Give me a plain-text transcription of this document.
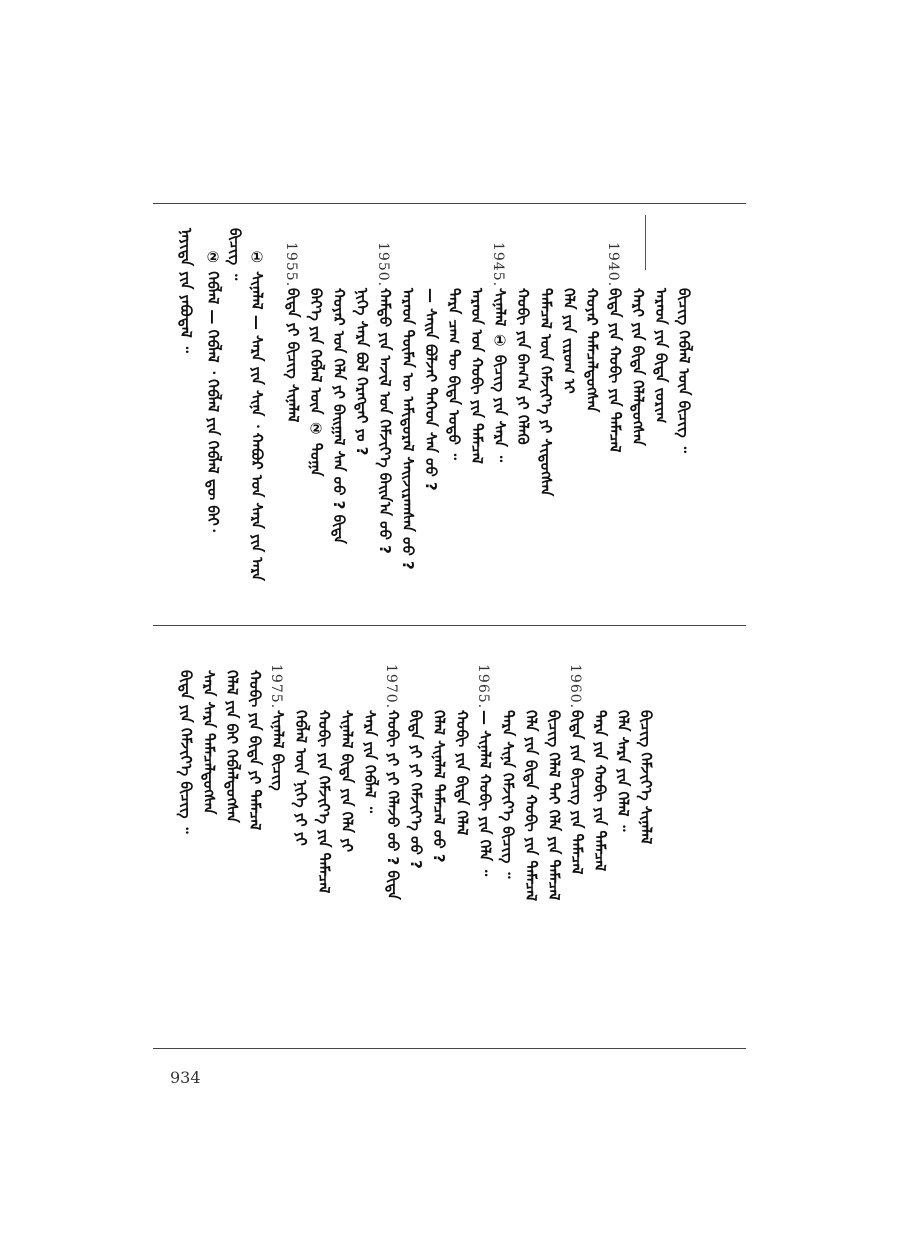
ᠨᠡᠶᠢᠲᠡ ᠶᠢᠨ ᠶᠠᠪᠤᠳᠠᠯ ᠃ ② ᠬᠡᠪᠯᠡᠯ — ᠬᠡᠪᠯᠡᠯ ᠂ ᠬᠡᠪᠯᠡᠯ ᠶᠢᠨ ᠬᠡᠪᠯᠡᠯ ᠳᠦ ᠪᠠᠢ᠂ ᠪᠢᠴᠢᠭ ᠃ ① ᠰᠢᠨᠡᠯᠡᠯ — ᠰᠠᠷᠠ ᠶᠢᠨ ᠰᠢᠨᠡ ᠂ ᠬᠠᠪᠤᠷ ᠤᠨ ᠰᠠᠷᠠ ᠶᠢᠨ ᠠᠷᠠ 1955.
ᠪᠢᠳᠡ ᠶᠢ ᠪᠢᠴᠢᠭ ᠰᠢᠨᠡᠯᠡᠯ ᠪᠡᠶ᠎ᠡ ᠶᠢᠨ ᠬᠡᠪᠯᠡᠯ ᠦᠨ ② ᠲᠣᠭᠠ ᠬᠣᠶᠠᠷ ᠤᠨ ᠬᠡᠯᠡ ᠶᠢ ᠪᠠᠢᠭᠠᠯ ᠰᠠᠨ ᠤᠤ ? ᠪᠢᠳᠡ ᠨᠢᠭᠡ ᠰᠠᠷᠠ ᠪᠣᠯ ᠬᠡᠷᠡᠭᠲᠡᠢ ᠶᠤ ?
1950.
ᠬᠠᠮᠲᠤ ᠶᠢᠨ ᠠᠵᠢᠯ ᠤᠨ ᠬᠡᠮᠵᠢᠶ᠎ᠡ ᠪᠠᠢᠨ᠎ᠠ ᠤᠤ ? ᠠᠷᠠᠳ ᠲᠦᠮᠡᠨ ᠦ ᠠᠮᠢᠳᠤᠷᠠᠯ ᠰᠠᠢᠵᠢᠷᠠᠭᠰᠠᠨ ᠤᠤ ? — ᠰᠠᠢᠨ ᠪᠣᠯᠵᠠᠢ ᠲᠡᠭᠡᠳ ᠰᠠᠨ ᠤᠤ ? ᠲᠡᠷᠡ ᠴᠠᠭ ᠲᠦ ᠪᠢᠳᠡ ᠣᠳᠣ ᠃ ᠠᠷᠠᠳ ᠤᠨ ᠬᠣᠪᠢ ᠶᠢᠨ ᠲᠡᠮᠡᠴᠡᠯ
1945.
ᠰᠢᠨᠡᠯᠡᠯ ① ᠪᠢᠴᠢᠭ ᠶᠢᠨ ᠰᠠᠷᠠ ᠃ ᠬᠣᠪᠢ ᠶᠢᠨ ᠪᠠᠭ᠎ᠠ ᠶᠢ ᠬᠡᠯᠡᠬᠦ ᠲᠡᠮᠡᠴᠡᠯ ᠦᠨ ᠬᠡᠮᠵᠢᠶ᠎ᠡ ᠶᠢ ᠰᠢᠳᠦᠭᠰᠡᠨ ᠬᠡᠯᠡ ᠶᠢᠨ ᠵᠢᠷᠤᠭ ᠢ ᠬᠣᠶᠠᠷ ᠲᠡᠮᠡᠴᠡᠯᠳᠦᠭᠰᠡᠨ
1940.
ᠪᠢᠳᠡ ᠶᠢᠨ ᠬᠣᠪᠢ ᠶᠢᠨ ᠲᠡᠮᠡᠴᠡᠯ ᠬᠠᠷᠢ ᠶᠢᠨ ᠪᠢᠳᠡ ᠬᠡᠯᠡᠯᠳᠦᠭᠰᠡᠨ ᠠᠷᠠᠳ ᠶᠢᠨ ᠪᠢᠳᠡ ᠵᠣᠷᠢᠭ ᠪᠢᠴᠢᠭ ᠬᠡᠪᠯᠡᠯ ᠦᠨ ᠪᠢᠴᠢᠭ ᠃
ᠪᠢᠳᠡ ᠶᠢᠨ ᠬᠡᠮᠵᠢᠶ᠎ᠡ ᠪᠢᠴᠢᠭ ᠃ ᠰᠠᠷᠠ ᠰᠠᠷᠠ ᠲᠡᠮᠡᠴᠡᠯᠳᠦᠭᠰᠡᠨ ᠬᠡᠯᠡᠯ ᠶᠢᠨ ᠪᠠᠢ ᠬᠡᠪᠯᠡᠯᠳᠦᠭᠰᠡᠨ ᠬᠣᠪᠢ ᠶᠢᠨ ᠪᠢᠳᠡ ᠶᠢ ᠲᠡᠮᠡᠴᠡᠯ 1975.
ᠰᠢᠨᠡᠯᠡᠯ ᠪᠢᠴᠢᠭ ᠬᠡᠪᠯᠡᠯ ᠦᠨ ᠨᠢᠭᠡ ᠶᠢ ᠶᠢ ᠬᠣᠪᠢ ᠶᠢᠨ ᠬᠡᠮᠵᠢᠶ᠎ᠡ ᠶᠢᠨ ᠲᠡᠮᠡᠴᠡᠯ ᠰᠢᠨᠡᠯᠡᠯ ᠪᠢᠳᠡ ᠶᠢᠨ ᠬᠡᠯᠡ ᠶᠢ ᠰᠠᠷᠠ ᠶᠢᠨ ᠬᠡᠪᠯᠡᠯ ᠃
1970.
ᠬᠣᠪᠢ ᠶᠢ ᠶᠢ ᠬᠡᠯᠡᠵᠦ ᠤᠤ ? ᠪᠢᠳᠡ ᠪᠢᠳᠡ ᠶᠢ ᠶᠢ ᠬᠡᠮᠵᠢᠶ᠎ᠡ ᠤᠤ ? ᠬᠡᠯᠡᠯ ᠰᠢᠨᠡᠯᠡᠯ ᠲᠡᠮᠡᠴᠡᠯ ᠤᠤ ? ᠬᠣᠪᠢ ᠶᠢᠨ ᠪᠢᠳᠡ ᠬᠡᠯᠡᠯ
1965.
— ᠰᠢᠨᠡᠯᠡᠯ ᠬᠣᠪᠢ ᠶᠢᠨ ᠬᠡᠯᠡ ᠃ ᠲᠡᠷᠡ ᠰᠢᠨᠡ ᠬᠡᠮᠵᠢᠶ᠎ᠡ ᠪᠢᠴᠢᠭ ᠃ ᠬᠡᠯᠡ ᠶᠢᠨ ᠪᠢᠳᠡ ᠬᠣᠪᠢ ᠶᠢᠨ ᠲᠡᠮᠡᠴᠡᠯ ᠪᠢᠴᠢᠭ ᠬᠡᠯᠡᠯ ᠲᠠᠢ ᠬᠡᠯᠡ ᠶᠢᠨ ᠲᠡᠮᠡᠴᠡᠯ
1960.
ᠪᠢᠳᠡ ᠶᠢᠨ ᠪᠢᠴᠢᠭ ᠶᠢᠨ ᠲᠡᠮᠡᠴᠡᠯ ᠲᠡᠷᠡ ᠶᠢᠨ ᠬᠣᠪᠢ ᠶᠢᠨ ᠲᠡᠮᠡᠴᠡᠯ ᠬᠡᠯᠡ ᠰᠠᠷᠠ ᠶᠢᠨ ᠬᠡᠯᠡᠯ ᠃ ᠪᠢᠴᠢᠭ ᠬᠡᠮᠵᠢᠶ᠎ᠡ ᠰᠢᠨᠡᠯᠡᠯ
934
